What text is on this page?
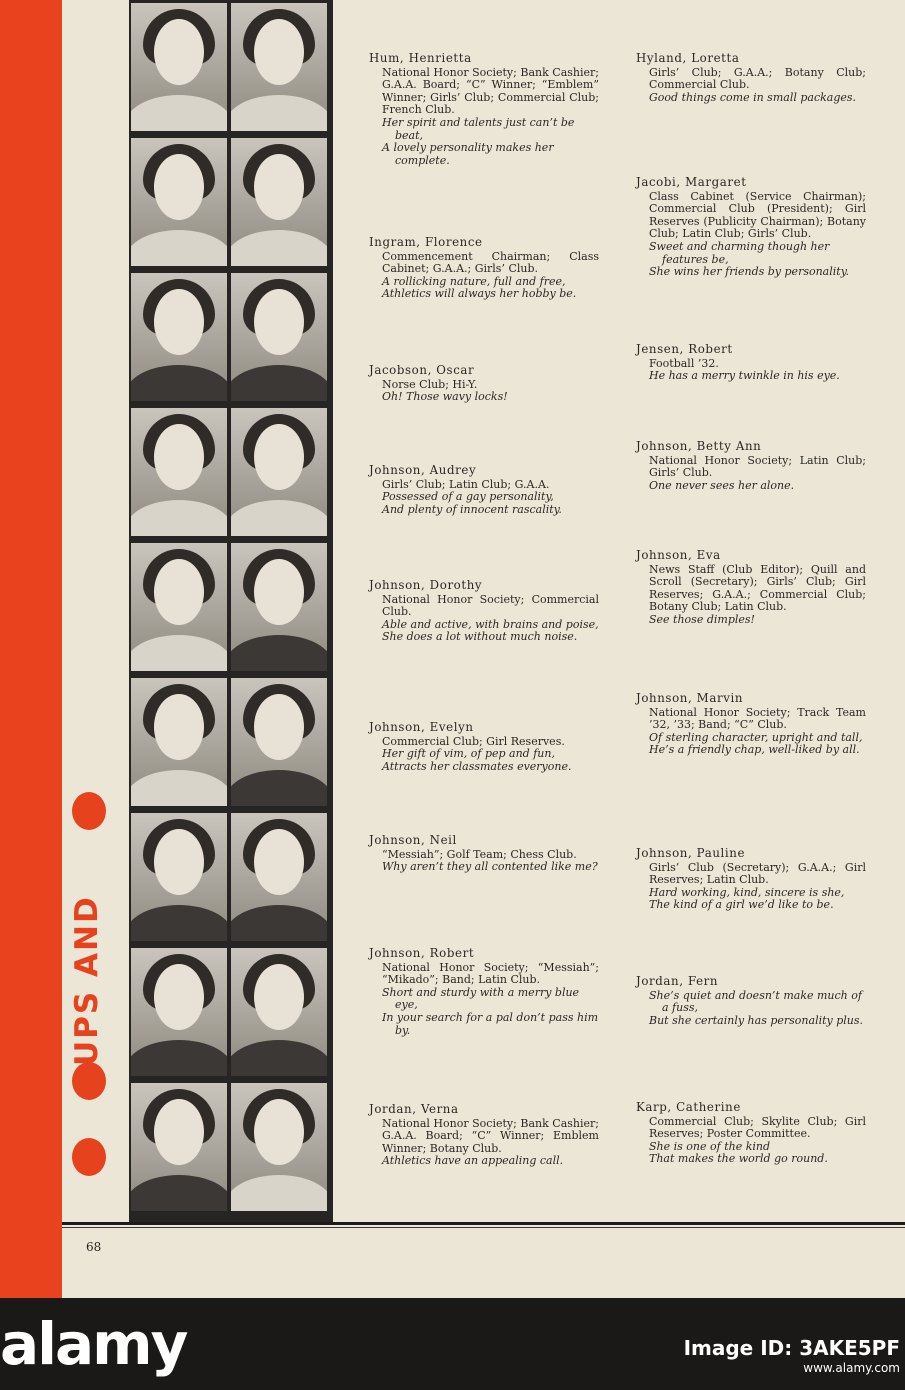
UPS AND
Hum, Henrietta
National Honor Society; Bank Cashier; G.A.A. Board; “C” Winner; “Emblem” Winner; Girls’ Club; Commercial Club; French Club.
Her spirit and talents just can’t be beat,
A lovely personality makes her complete.
Ingram, Florence
Commencement Chairman; Class Cabinet; G.A.A.; Girls’ Club.
A rollicking nature, full and free,
Athletics will always her hobby be.
Jacobson, Oscar
Norse Club; Hi-Y.
Oh! Those wavy locks!
Johnson, Audrey
Girls’ Club; Latin Club; G.A.A.
Possessed of a gay personality,
And plenty of innocent rascality.
Johnson, Dorothy
National Honor Society; Commercial Club.
Able and active, with brains and poise,
She does a lot without much noise.
Johnson, Evelyn
Commercial Club; Girl Reserves.
Her gift of vim, of pep and fun,
Attracts her classmates everyone.
Johnson, Neil
“Messiah”; Golf Team; Chess Club.
Why aren’t they all contented like me?
Johnson, Robert
National Honor Society; “Messiah”; “Mikado”; Band; Latin Club.
Short and sturdy with a merry blue eye,
In your search for a pal don’t pass him by.
Jordan, Verna
National Honor Society; Bank Cashier; G.A.A. Board; “C” Winner; Emblem Winner; Botany Club.
Athletics have an appealing call.
Hyland, Loretta
Girls’ Club; G.A.A.; Botany Club; Commercial Club.
Good things come in small packages.
Jacobi, Margaret
Class Cabinet (Service Chairman); Commercial Club (President); Girl Reserves (Publicity Chairman); Botany Club; Latin Club; Girls’ Club.
Sweet and charming though her features be,
She wins her friends by personality.
Jensen, Robert
Football ’32.
He has a merry twinkle in his eye.
Johnson, Betty Ann
National Honor Society; Latin Club; Girls’ Club.
One never sees her alone.
Johnson, Eva
News Staff (Club Editor); Quill and Scroll (Secretary); Girls’ Club; Girl Reserves; G.A.A.; Commercial Club; Botany Club; Latin Club.
See those dimples!
Johnson, Marvin
National Honor Society; Track Team ’32, ’33; Band; “C” Club.
Of sterling character, upright and tall,
He’s a friendly chap, well-liked by all.
Johnson, Pauline
Girls’ Club (Secretary); G.A.A.; Girl Reserves; Latin Club.
Hard working, kind, sincere is she,
The kind of a girl we’d like to be.
Jordan, Fern
She’s quiet and doesn’t make much of a fuss,
But she certainly has personality plus.
Karp, Catherine
Commercial Club; Skylite Club; Girl Reserves; Poster Committee.
She is one of the kind
That makes the world go round.
68
alamy	Image ID: 3AKE5PF
www.alamy.com
